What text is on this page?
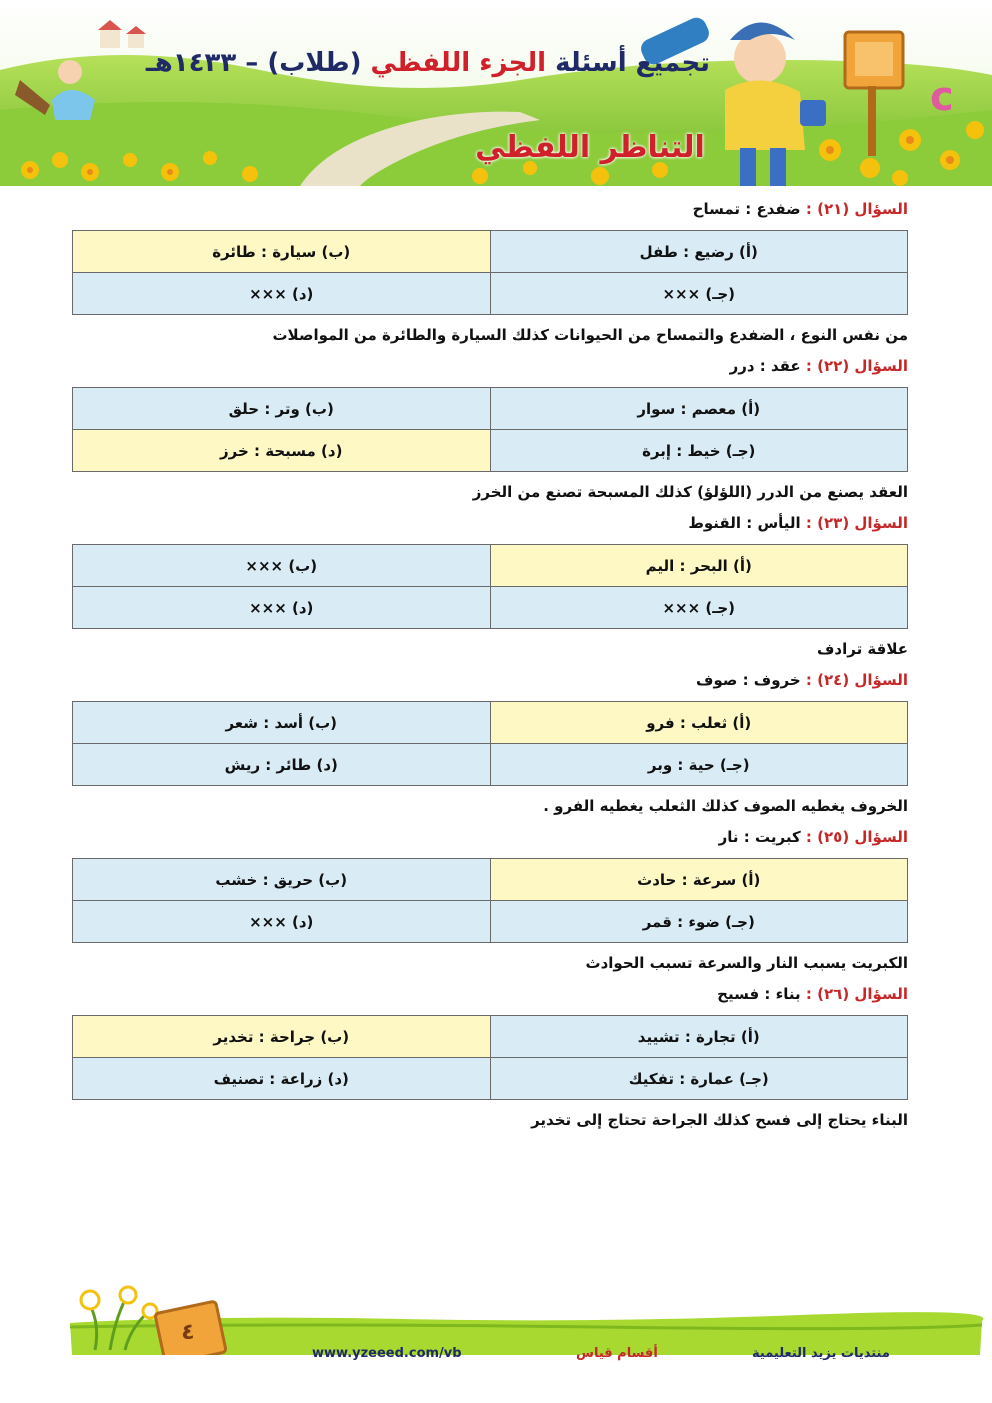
c
تجميع أسئلة الجزء اللفظي (طلاب) – ١٤٣٣هـ
التناظر اللفظي
السؤال (٢١) : ضفدع : تمساح
(أ) رضيع : طفل	(ب) سيارة : طائرة
(جـ) ×××	(د) ×××
من نفس النوع ، الضفدع والتمساح من الحيوانات كذلك السيارة والطائرة من المواصلات
السؤال (٢٢) : عقد : درر
(أ) معصم : سوار	(ب) وتر : حلق
(جـ) خيط : إبرة	(د) مسبحة : خرز
العقد يصنع من الدرر (اللؤلؤ) كذلك المسبحة تصنع من الخرز
السؤال (٢٣) : اليأس : القنوط
(أ) البحر : اليم	(ب) ×××
(جـ) ×××	(د) ×××
علاقة ترادف
السؤال (٢٤) : خروف : صوف
(أ) ثعلب : فرو	(ب) أسد : شعر
(جـ) حية : وبر	(د) طائر : ريش
الخروف يغطيه الصوف كذلك الثعلب يغطيه الفرو .
السؤال (٢٥) : كبريت : نار
(أ) سرعة : حادث	(ب) حريق : خشب
(جـ) ضوء : قمر	(د) ×××
الكبريت يسبب النار والسرعة تسبب الحوادث
السؤال (٢٦) : بناء : فسيح
(أ) تجارة : تشييد	(ب) جراحة : تخدير
(جـ) عمارة : تفكيك	(د) زراعة : تصنيف
البناء يحتاج إلى فسح كذلك الجراحة تحتاج إلى تخدير
٤
www.yzeeed.com/vb	أقسام قياس	منتديات يزيد التعليمية
